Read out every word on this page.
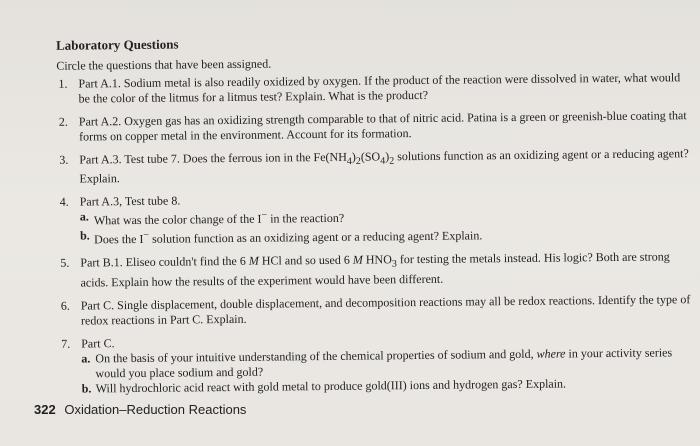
Laboratory Questions
Circle the questions that have been assigned.
1. Part A.1. Sodium metal is also readily oxidized by oxygen. If the product of the reaction were dissolved in water, what would be the color of the litmus for a litmus test? Explain. What is the product?
2. Part A.2. Oxygen gas has an oxidizing strength comparable to that of nitric acid. Patina is a green or greenish-blue coating that forms on copper metal in the environment. Account for its formation.
3. Part A.3. Test tube 7. Does the ferrous ion in the $Fe(NH_4)_2(SO_4)_2$ solutions function as an oxidizing agent or a reducing agent? Explain.
4. Part A.3, Test tube 8.
a. What was the color change of the I− in the reaction?
b. Does the I− solution function as an oxidizing agent or a reducing agent? Explain.
5. Part B.1. Eliseo couldn't find the 6 M HCl and so used 6 M $HNO_3$ for testing the metals instead. His logic? Both are strong acids. Explain how the results of the experiment would have been different.
6. Part C. Single displacement, double displacement, and decomposition reactions may all be redox reactions. Identify the type of redox reactions in Part C. Explain.
7. Part C.
a. On the basis of your intuitive understanding of the chemical properties of sodium and gold, where in your activity series would you place sodium and gold?
b. Will hydrochloric acid react with gold metal to produce gold(III) ions and hydrogen gas? Explain.
322 Oxidation–Reduction Reactions
